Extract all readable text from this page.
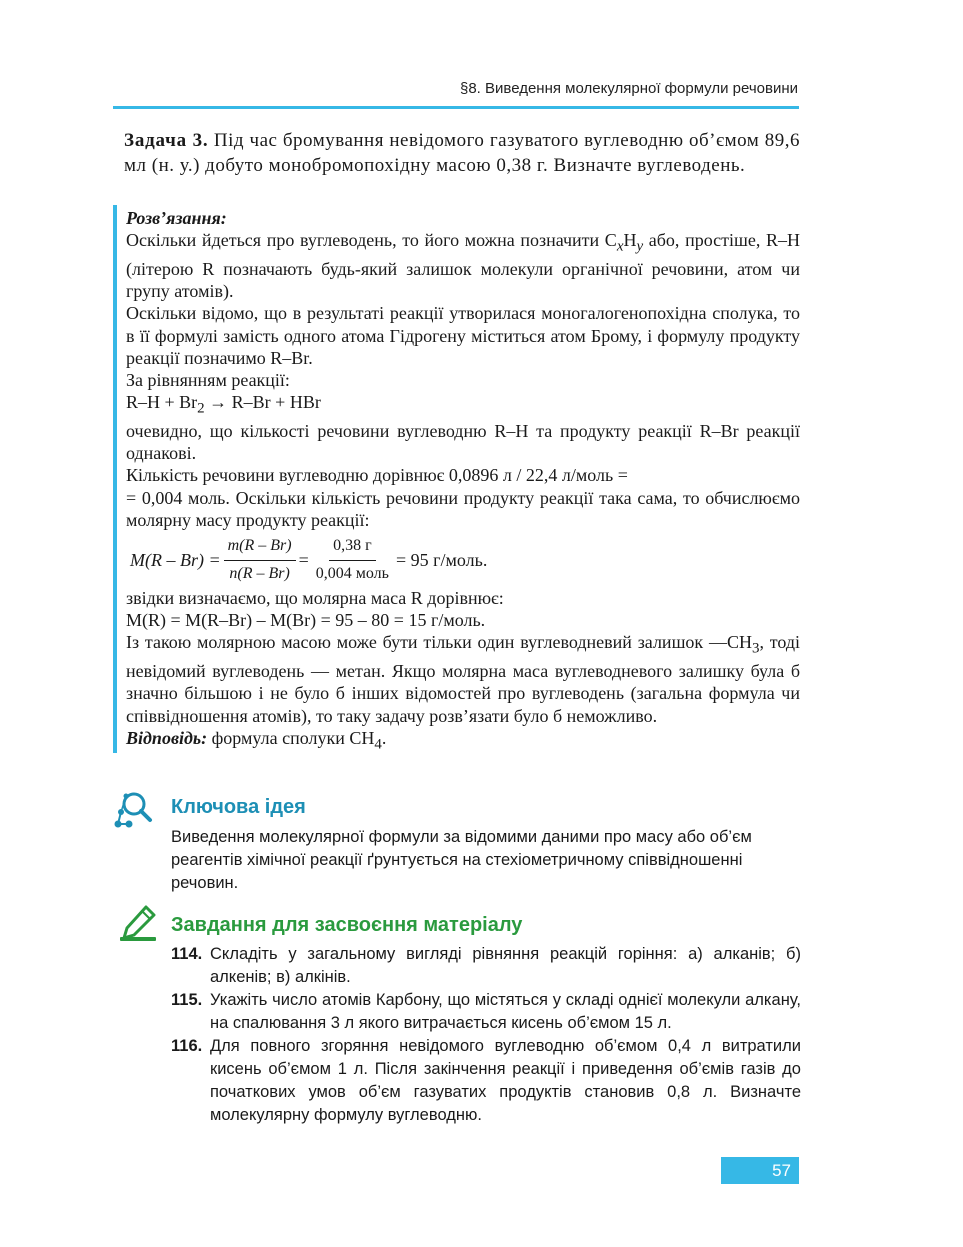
§8. Виведення молекулярної формули речовини
Задача 3. Під час бромування невідомого газуватого вуглеводню об’ємом 89,6 мл (н. у.) добуто монобромопохідну масою 0,38 г. Визначте вуглеводень.
Розв’язання:
Оскільки йдеться про вуглеводень, то його можна позначити $C_xH_y$ або, простіше, R–H (літерою R позначають будь-який залишок молекули органічної речовини, атом чи групу атомів).
Оскільки відомо, що в результаті реакції утворилася моногалогенопохідна сполука, то в її формулі замість одного атома Гідрогену міститься атом Брому, і формулу продукту реакції позначимо R–Br.
За рівнянням реакції:
$R-H + Br_2 \to R-Br$ + HBr
очевидно, що кількості речовини вуглеводню R–H та продукту реакції R–Br реакції однакові.
Кількість речовини вуглеводню дорівнює 0,0896 л / 22,4 л/моль =
= 0,004 моль. Оскільки кількість речовини продукту реакції така сама, то обчислюємо молярну масу продукту реакції:
$M(R - Br) = \frac{m(R - Br)}{n(R - Br)} = \frac{0,38 г}{\text{0,004 моль}} = 95$ г/моль.
звідки визначаємо, що молярна маса R дорівнює:
M(R) = M(R–Br) – M(Br) = 95 – 80 = 15 г/моль.
Із такою молярною масою може бути тільки один вуглеводневий залишок $—CH_3$, тоді невідомий вуглеводень — метан. Якщо молярна маса вуглеводневого залишку була б значно більшою і не було б інших відомостей про вуглеводень (загальна формула чи співвідношення атомів), то таку задачу розв’язати було б неможливо.
Відповідь: формула сполуки $CH_4$.
Ключова ідея
Виведення молекулярної формули за відомими даними про масу або об’єм реагентів хімічної реакції ґрунтується на стехіометричному співвідношенні речовин.
Завдання для засвоєння матеріалу
114. Складіть у загальному вигляді рівняння реакцій горіння: а) алканів; б) алкенів; в) алкінів.
115. Укажіть число атомів Карбону, що містяться у складі однієї молекули алкану, на спалювання 3 л якого витрачається кисень об’ємом 15 л.
116. Для повного згоряння невідомого вуглеводню об’ємом 0,4 л витратили кисень об’ємом 1 л. Після закінчення реакції і приведення об’ємів газів до початкових умов об’єм газуватих продуктів становив 0,8 л. Визначте молекулярну формулу вуглеводню.
57
